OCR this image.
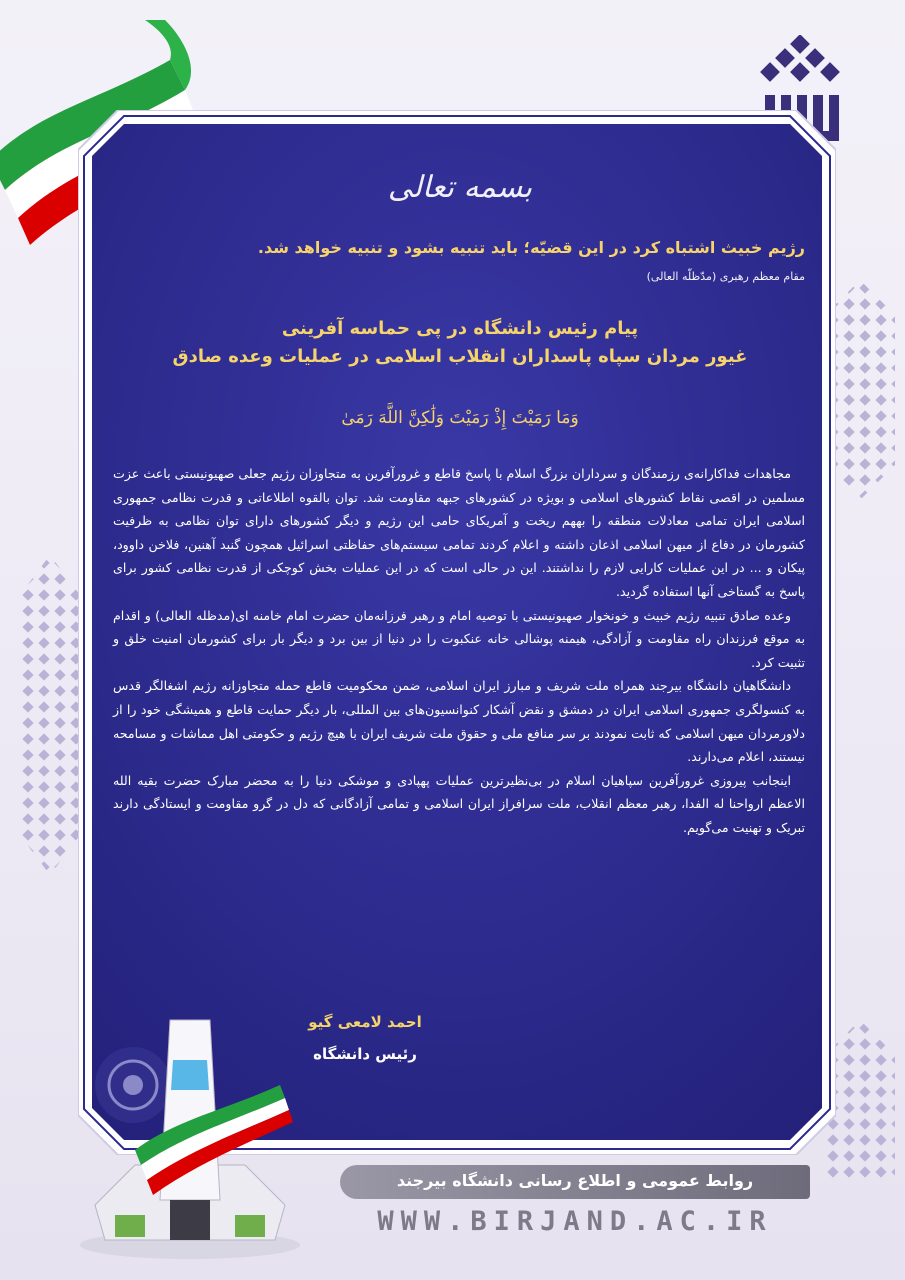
بسمه تعالی
رژیم خبیث اشتباه کرد در این قضیّه؛ باید تنبیه بشود و تنبیه خواهد شد.
مقام معظم رهبری (مدّظلّه العالی)
پیام رئیس دانشگاه در پی حماسه آفرینی
غیور مردان سپاه پاسداران انقلاب اسلامی در عملیات وعده صادق
وَمَا رَمَيْتَ إِذْ رَمَيْتَ وَلَٰكِنَّ اللَّهَ رَمَىٰ

مجاهدات فداکارانه‌ی رزمندگان و سرداران بزرگ اسلام با پاسخ قاطع و غرورآفرین به متجاوزان رژیم جعلی صهیونیستی باعث عزت مسلمین در اقصی نقاط کشورهای اسلامی و بویژه در کشورهای جبهه مقاومت شد. توان بالقوه اطلاعاتی و قدرت نظامی جمهوری اسلامی ایران تمامی معادلات منطقه را بههم ریخت و آمریکای حامی این رژیم و دیگر کشورهای دارای توان نظامی به ظرفیت کشورمان در دفاع از میهن اسلامی اذعان داشته و اعلام کردند تمامی سیستم‌های حفاظتی اسرائیل همچون گنبد آهنین، فلاخن داوود، پیکان و ... در این عملیات کارایی لازم را نداشتند. این در حالی است که در این عملیات بخش کوچکی از قدرت نظامی کشور برای پاسخ به گستاخی آنها استفاده گردید.

وعده صادق تنبیه رژیم خبیث و خونخوار صهیونیستی با توصیه امام و رهبر فرزانه‌مان حضرت امام خامنه ای(مدظله العالی) و اقدام به موقع فرزندان راه مقاومت و آزادگی، هیمنه پوشالی خانه عنکبوت را در دنیا از بین برد و دیگر بار برای کشورمان امنیت خلق و تثبیت کرد.

دانشگاهیان دانشگاه بیرجند همراه ملت شریف و مبارز ایران اسلامی، ضمن محکومیت قاطع حمله متجاوزانه رژیم اشغالگر قدس به کنسولگری جمهوری اسلامی ایران در دمشق و نقض آشکار کنوانسیون‌های بین المللی، بار دیگر حمایت قاطع و همیشگی خود را از دلاورمردان میهن اسلامی که ثابت نمودند بر سر منافع ملی و حقوق ملت شریف ایران با هیچ رژیم و حکومتی اهل مماشات و مسامحه نیستند، اعلام می‌دارند.

اینجانب پیروزی غرورآفرین سپاهیان اسلام در بی‌نظیرترین عملیات پهپادی و موشکی دنیا را به محضر مبارک حضرت بقیه الله الاعظم ارواحنا له الفدا، رهبر معظم انقلاب، ملت سرافراز ایران اسلامی و تمامی آزادگانی که دل در گرو مقاومت و ایستادگی دارند تبریک و تهنیت می‌گویم.

احمد لامعی گیو
رئیس دانشگاه
روابط عمومی و اطلاع رسانی دانشگاه بیرجند
WWW.BIRJAND.AC.IR
